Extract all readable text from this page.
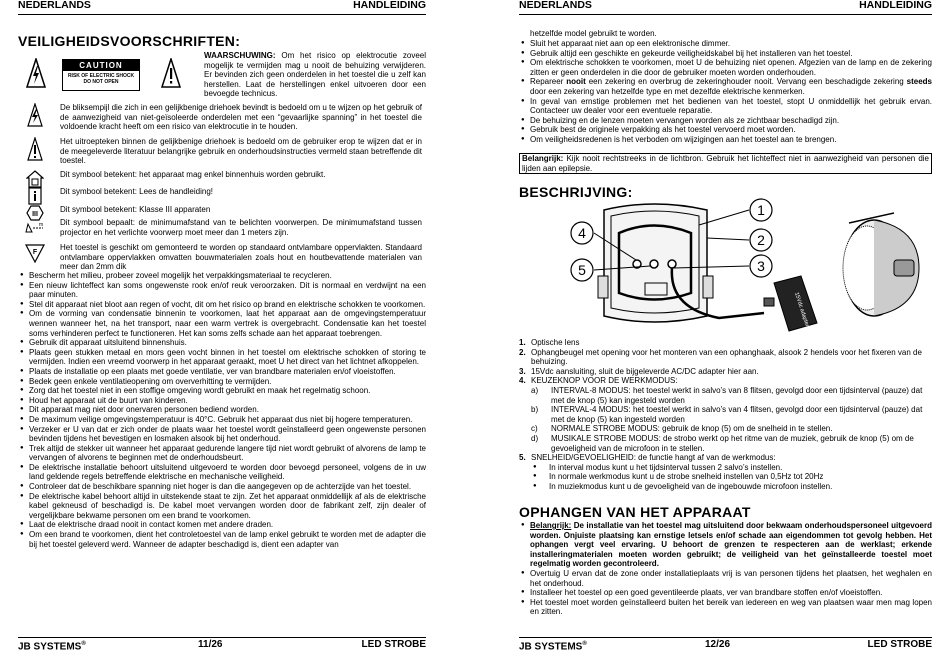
NEDERLANDS	HANDLEIDING
VEILIGHEIDSVOORSCHRIFTEN:
CAUTION
RISK OF ELECTRIC SHOCK
DO NOT OPEN
WAARSCHUWING: Om het risico op elektrocutie zoveel mogelijk te vermijden mag u nooit de behuizing verwijderen. Er bevinden zich geen onderdelen in het toestel die u zelf kan herstellen. Laat de herstellingen enkel uitvoeren door een bevoegde technicus.
De bliksempijl die zich in een gelijkbenige driehoek bevindt is bedoeld om u te wijzen op het gebruik of de aanwezigheid van niet-geïsoleerde onderdelen met een “gevaarlijke spanning” in het toestel die voldoende kracht heeft om een risico van elektrocutie in te houden.
Het uitroepteken binnen de gelijkbenige driehoek is bedoeld om de gebruiker erop te wijzen dat er in de meegeleverde literatuur belangrijke gebruik en onderhoudsinstructies vermeld staan betreffende dit toestel.
Dit symbool betekent: het apparaat mag enkel binnenhuis worden gebruikt.
Dit symbool betekent: Lees de handleiding!
III
Dit symbool betekent: Klasse III apparaten
m Dit symbool bepaalt: de minimumafstand van te belichten voorwerpen. De minimumafstand tussen projector en het verlichte voorwerp moet meer dan 1 meters zijn.
F
Het toestel is geschikt om gemonteerd te worden op standaard ontvlambare oppervlakten. Standaard ontvlambare oppervlakken omvatten bouwmaterialen zoals hout en houtbevattende materialen van meer dan 2mm dik
● Bescherm het milieu, probeer zoveel mogelijk het verpakkingsmateriaal te recycleren.
● Een nieuw lichteffect kan soms ongewenste rook en/of reuk veroorzaken. Dit is normaal en verdwijnt na een paar minuten.
● Stel dit apparaat niet bloot aan regen of vocht, dit om het risico op brand en elektrische schokken te voorkomen.
● Om de vorming van condensatie binnenin te voorkomen, laat het apparaat aan de omgevingstemperatuur wennen wanneer het, na het transport, naar een warm vertrek is overgebracht. Condensatie kan het toestel soms verhinderen perfect te functioneren. Het kan soms zelfs schade aan het apparaat toebrengen.
● Gebruik dit apparaat uitsluitend binnenshuis.
● Plaats geen stukken metaal en mors geen vocht binnen in het toestel om elektrische schokken of storing te vermijden. Indien een vreemd voorwerp in het apparaat geraakt, moet U het direct van het lichtnet afkoppelen.
● Plaats de installatie op een plaats met goede ventilatie, ver van brandbare materialen en/of vloeistoffen.
● Bedek geen enkele ventilatieopening om oververhitting te vermijden.
● Zorg dat het toestel niet in een stoffige omgeving wordt gebruikt en maak het regelmatig schoon.
● Houd het apparaat uit de buurt van kinderen.
● Dit apparaat mag niet door onervaren personen bediend worden.
● De maximum veilige omgevingstemperatuur is 40°C. Gebruik het apparaat dus niet bij hogere temperaturen.
● Verzeker er U van dat er zich onder de plaats waar het toestel wordt geïnstalleerd geen ongewenste personen bevinden tijdens het bevestigen en losmaken alsook bij het onderhoud.
● Trek altijd de stekker uit wanneer het apparaat gedurende langere tijd niet wordt gebruikt of alvorens de lamp te vervangen of alvorens te beginnen met de onderhoudsbeurt.
● De elektrische installatie behoort uitsluitend uitgevoerd te worden door bevoegd personeel, volgens de in uw land geldende regels betreffende elektrische en mechanische veiligheid.
● Controleer dat de beschikbare spanning niet hoger is dan die aangegeven op de achterzijde van het toestel.
● De elektrische kabel behoort altijd in uitstekende staat te zijn. Zet het apparaat onmiddellijk af als de elektrische kabel gekneusd of beschadigd is. De kabel moet vervangen worden door de fabrikant zelf, zijn dealer of vergelijkbare bekwame personen om een brand te voorkomen.
● Laat de elektrische draad nooit in contact komen met andere draden.
● Om een brand te voorkomen, dient het controletoestel van de lamp enkel gebruikt te worden met de adapter die bij het toestel geleverd werd. Wanneer de adapter beschadigd is, dient een adapter van
JB SYSTEMS®	11/26	LED STROBE
NEDERLANDS	HANDLEIDING
hetzelfde model gebruikt te worden.
● Sluit het apparaat niet aan op een elektronische dimmer.
● Gebruik altijd een geschikte en gekeurde veiligheidskabel bij het installeren van het toestel.
● Om elektrische schokken te voorkomen, moet U de behuizing niet openen. Afgezien van de lamp en de zekering zitten er geen onderdelen in die door de gebruiker moeten worden onderhouden.
● Repareer nooit een zekering en overbrug de zekeringhouder nooit. Vervang een beschadigde zekering steeds door een zekering van hetzelfde type en met dezelfde elektrische kenmerken.
● In geval van ernstige problemen met het bedienen van het toestel, stopt U onmiddellijk het gebruik ervan. Contacteer uw dealer voor een eventuele reparatie.
● De behuizing en de lenzen moeten vervangen worden als ze zichtbaar beschadigd zijn.
● Gebruik best de originele verpakking als het toestel vervoerd moet worden.
● Om veiligheidsredenen is het verboden om wijzigingen aan het toestel aan te brengen.
Belangrijk: Kijk nooit rechtstreeks in de lichtbron. Gebruik het lichteffect niet in aanwezigheid van personen die lijden aan epilepsie.
BESCHRIJVING:
15Vdc adapter
1
2
3
4
5
1. Optische lens
2. Ophangbeugel met opening voor het monteren van een ophanghaak, alsook 2 hendels voor het fixeren van de behuizing.
3. 15Vdc aansluiting, sluit de bijgeleverde AC/DC adapter hier aan.
4. KEUZEKNOP VOOR DE WERKMODUS:
a) INTERVAL-8 MODUS: het toestel werkt in salvo’s van 8 flitsen, gevolgd door een tijdsinterval (pauze) dat met de knop (5) kan ingesteld worden
b) INTERVAL-4 MODUS: het toestel werkt in salvo’s van 4 flitsen, gevolgd door een tijdsinterval (pauze) dat met de knop (5) kan ingesteld worden
c) NORMALE STROBE MODUS: gebruik de knop (5) om de snelheid in te stellen.
d) MUSIKALE STROBE MODUS: de strobo werkt op het ritme van de muziek, gebruik de knop (5) om de gevoeligheid van de microfoon in te stellen.
5. SNELHEID/GEVOELIGHEID: de functie hangt af van de werkmodus:
● In interval modus kunt u het tijdsinterval tussen 2 salvo’s instellen.
● In normale werkmodus kunt u de strobe snelheid instellen van 0,5Hz tot 20Hz
● In muziekmodus kunt u de gevoeligheid van de ingebouwde microfoon instellen.
OPHANGEN VAN HET APPARAAT
● Belangrijk: De installatie van het toestel mag uitsluitend door bekwaam onderhoudspersoneel uitgevoerd worden. Onjuiste plaatsing kan ernstige letsels en/of schade aan eigendommen tot gevolg hebben. Het ophangen vergt veel ervaring. U behoort de grenzen te respecteren aan de werklast; erkende installeringmaterialen moeten worden gebruikt; de veiligheid van het geïnstalleerde toestel moet regelmatig worden gecontroleerd.
● Overtuig U ervan dat de zone onder installatieplaats vrij is van personen tijdens het plaatsen, het weghalen en het onderhoud.
● Installeer het toestel op een goed geventileerde plaats, ver van brandbare stoffen en/of vloeistoffen.
● Het toestel moet worden geïnstalleerd buiten het bereik van iedereen en weg van plaatsen waar men mag lopen en zitten.
JB SYSTEMS®	12/26	LED STROBE
